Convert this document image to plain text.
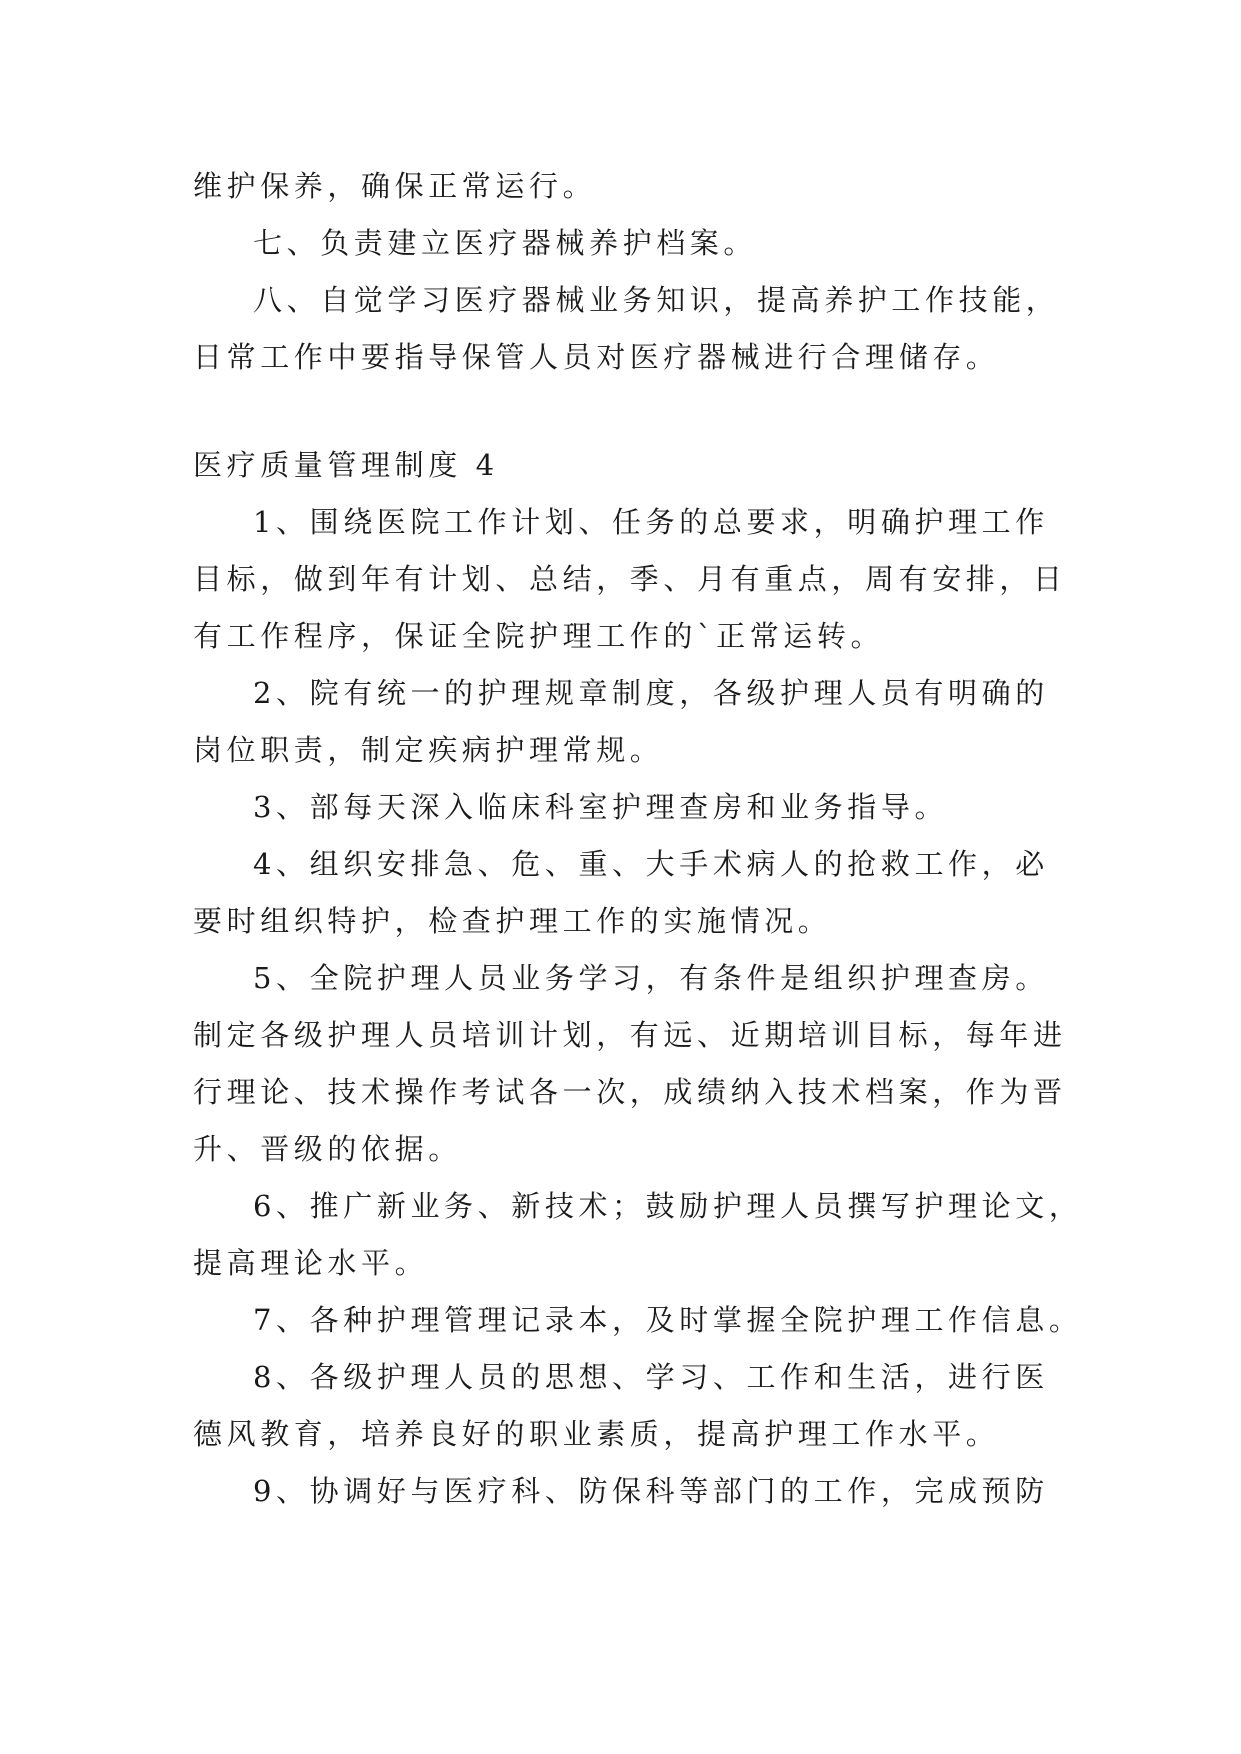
维护保养，确保正常运行。
七、负责建立医疗器械养护档案。
八、自觉学习医疗器械业务知识，提高养护工作技能，
日常工作中要指导保管人员对医疗器械进行合理储存。
医疗质量管理制度 4
1、围绕医院工作计划、任务的总要求，明确护理工作
目标，做到年有计划、总结，季、月有重点，周有安排，日
有工作程序，保证全院护理工作的`正常运转。
2、院有统一的护理规章制度，各级护理人员有明确的
岗位职责，制定疾病护理常规。
3、部每天深入临床科室护理查房和业务指导。
4、组织安排急、危、重、大手术病人的抢救工作，必
要时组织特护，检查护理工作的实施情况。
5、全院护理人员业务学习，有条件是组织护理查房。
制定各级护理人员培训计划，有远、近期培训目标，每年进
行理论、技术操作考试各一次，成绩纳入技术档案，作为晋
升、晋级的依据。
6、推广新业务、新技术；鼓励护理人员撰写护理论文，
提高理论水平。
7、各种护理管理记录本，及时掌握全院护理工作信息。
8、各级护理人员的思想、学习、工作和生活，进行医
德风教育，培养良好的职业素质，提高护理工作水平。
9、协调好与医疗科、防保科等部门的工作，完成预防
